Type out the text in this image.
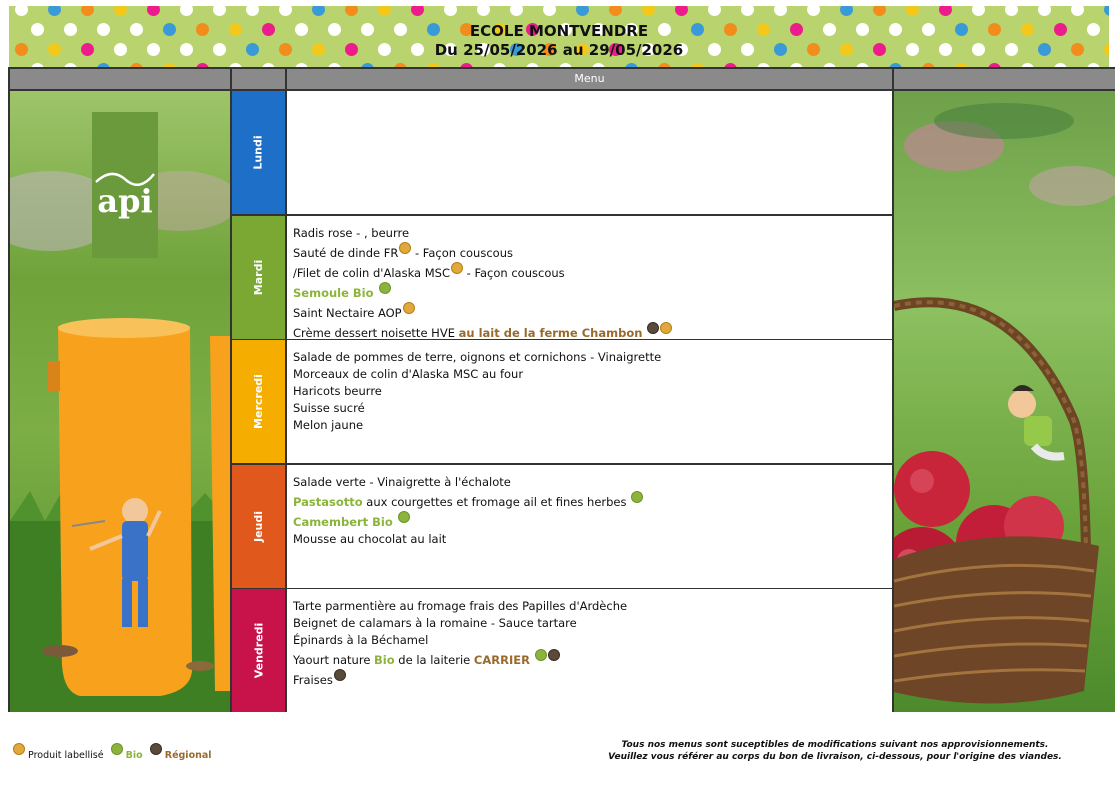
ECOLE MONTVENDRE
Du 25/05/2026 au 29/05/2026
Menu
api
Lundi
Mardi
Mercredi
Jeudi
Vendredi
Radis rose - , beurre
Sauté de dinde FR - Façon couscous
/Filet de colin d'Alaska MSC - Façon couscous
Semoule Bio
Saint Nectaire AOP
Crème dessert noisette HVE au lait de la ferme Chambon
Salade de pommes de terre, oignons et cornichons - Vinaigrette
Morceaux de colin d'Alaska MSC au four
Haricots beurre
Suisse sucré
Melon jaune
Salade verte - Vinaigrette à l'échalote
Pastasotto aux courgettes et fromage ail et fines herbes
Camembert Bio
Mousse au chocolat au lait
Tarte parmentière au fromage frais des Papilles d'Ardèche
Beignet de calamars à la romaine - Sauce tartare
Épinards à la Béchamel
Yaourt nature Bio de la laiterie CARRIER
Fraises
Produit labellisé Bio Régional
Tous nos menus sont suceptibles de modifications suivant nos approvisionnements.
Veuillez vous référer au corps du bon de livraison, ci-dessous, pour l'origine des viandes.
